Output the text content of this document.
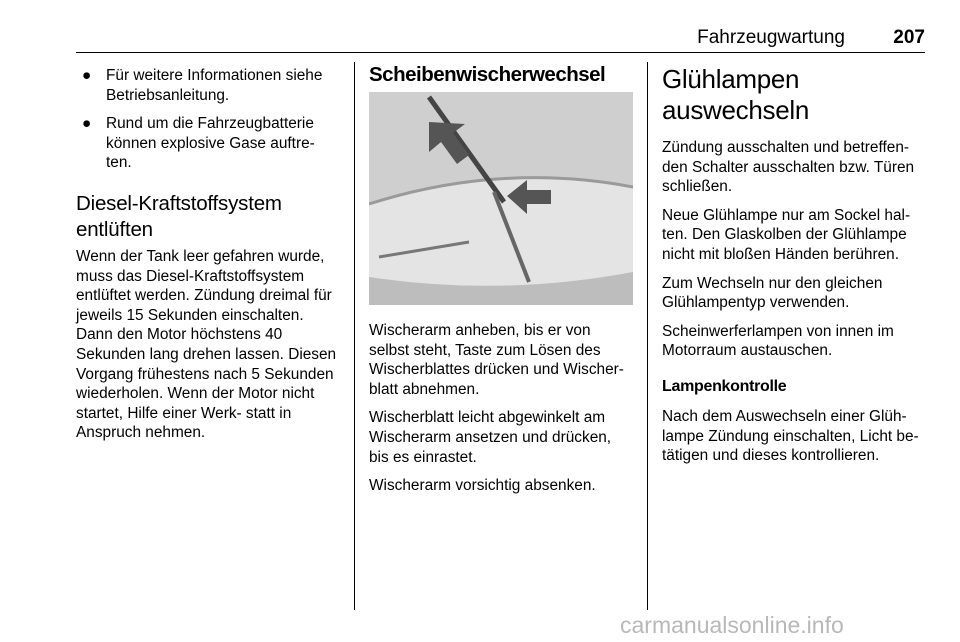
Fahrzeugwartung	207
● Für weitere Informationen siehe Betriebsanleitung.
● Rund um die Fahrzeugbatterie können explosive Gase auftre- ten.
Diesel-Kraftstoffsystem
entlüften

Wenn der Tank leer gefahren wurde, muss das Diesel-Kraftstoffsystem entlüftet werden. Zündung dreimal für jeweils 15 Sekunden einschalten. Dann den Motor höchstens 40 Sekunden lang drehen lassen. Diesen Vorgang frühestens nach 5 Sekunden wiederholen. Wenn der Motor nicht startet, Hilfe einer Werk- statt in Anspruch nehmen.

Scheibenwischerwechsel

Wischerarm anheben, bis er von selbst steht, Taste zum Lösen des Wischerblattes drücken und Wischer- blatt abnehmen.

Wischerblatt leicht abgewinkelt am Wischerarm ansetzen und drücken, bis es einrastet.

Wischerarm vorsichtig absenken.

Glühlampen
auswechseln

Zündung ausschalten und betreffen- den Schalter ausschalten bzw. Türen schließen.

Neue Glühlampe nur am Sockel hal- ten. Den Glaskolben der Glühlampe nicht mit bloßen Händen berühren.

Zum Wechseln nur den gleichen Glühlampentyp verwenden.

Scheinwerferlampen von innen im Motorraum austauschen.

Lampenkontrolle

Nach dem Auswechseln einer Glüh- lampe Zündung einschalten, Licht be- tätigen und dieses kontrollieren.

carmanualsonline.info
